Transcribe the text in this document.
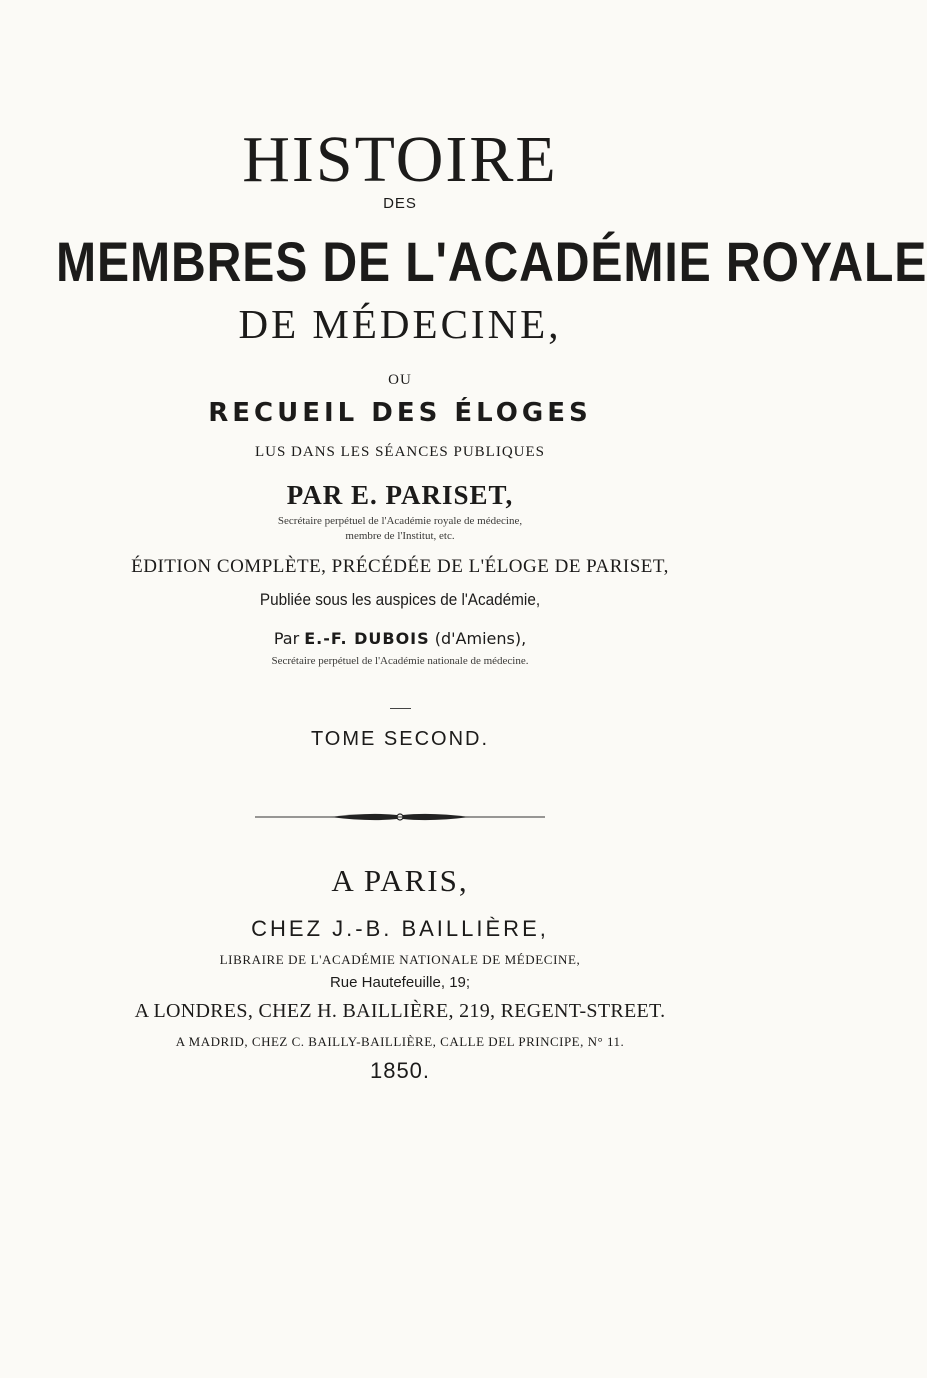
HISTOIRE
DES
MEMBRES DE L'ACADÉMIE ROYALE
DE MÉDECINE,
OU
RECUEIL DES ÉLOGES
LUS DANS LES SÉANCES PUBLIQUES
PAR E. PARISET,
Secrétaire perpétuel de l'Académie royale de médecine,
membre de l'Institut, etc.
ÉDITION COMPLÈTE, PRÉCÉDÉE DE L'ÉLOGE DE PARISET,
Publiée sous les auspices de l'Académie,
Par E.-F. DUBOIS (d'Amiens),
Secrétaire perpétuel de l'Académie nationale de médecine.
TOME SECOND.
A PARIS,
CHEZ J.-B. BAILLIÈRE,
LIBRAIRE DE L'ACADÉMIE NATIONALE DE MÉDECINE,
Rue Hautefeuille, 19;
A LONDRES, CHEZ H. BAILLIÈRE, 219, REGENT-STREET.
A MADRID, CHEZ C. BAILLY-BAILLIÈRE, CALLE DEL PRINCIPE, N° 11.
1850.
